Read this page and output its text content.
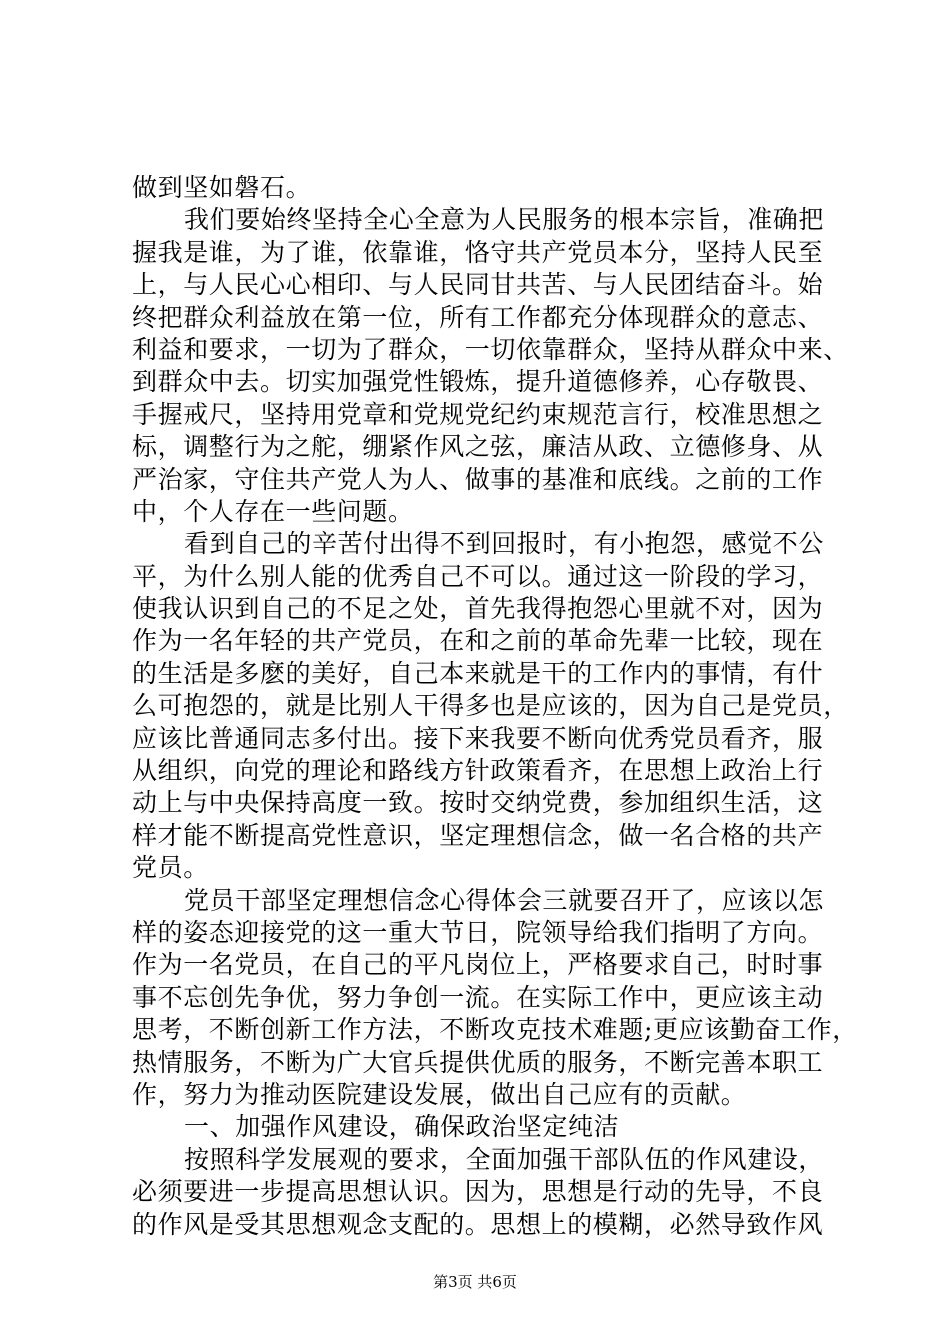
做到坚如磐石。
我们要始终坚持全心全意为人民服务的根本宗旨，准确把
握我是谁，为了谁，依靠谁，恪守共产党员本分，坚持人民至
上，与人民心心相印、与人民同甘共苦、与人民团结奋斗。始
终把群众利益放在第一位，所有工作都充分体现群众的意志、
利益和要求，一切为了群众，一切依靠群众，坚持从群众中来、
到群众中去。切实加强党性锻炼，提升道德修养，心存敬畏、
手握戒尺，坚持用党章和党规党纪约束规范言行，校准思想之
标，调整行为之舵，绷紧作风之弦，廉洁从政、立德修身、从
严治家，守住共产党人为人、做事的基准和底线。之前的工作
中，个人存在一些问题。
看到自己的辛苦付出得不到回报时，有小抱怨，感觉不公
平，为什么别人能的优秀自己不可以。通过这一阶段的学习，
使我认识到自己的不足之处，首先我得抱怨心里就不对，因为
作为一名年轻的共产党员，在和之前的革命先辈一比较，现在
的生活是多麽的美好，自己本来就是干的工作内的事情，有什
么可抱怨的，就是比别人干得多也是应该的，因为自己是党员，
应该比普通同志多付出。接下来我要不断向优秀党员看齐，服
从组织，向党的理论和路线方针政策看齐，在思想上政治上行
动上与中央保持高度一致。按时交纳党费，参加组织生活，这
样才能不断提高党性意识，坚定理想信念，做一名合格的共产
党员。
党员干部坚定理想信念心得体会三就要召开了，应该以怎
样的姿态迎接党的这一重大节日，院领导给我们指明了方向。
作为一名党员，在自己的平凡岗位上，严格要求自己，时时事
事不忘创先争优，努力争创一流。在实际工作中，更应该主动
思考，不断创新工作方法，不断攻克技术难题;更应该勤奋工作，
热情服务，不断为广大官兵提供优质的服务，不断完善本职工
作，努力为推动医院建设发展，做出自己应有的贡献。
一、加强作风建设，确保政治坚定纯洁
按照科学发展观的要求，全面加强干部队伍的作风建设，
必须要进一步提高思想认识。因为，思想是行动的先导，不良
的作风是受其思想观念支配的。思想上的模糊，必然导致作风
第3页 共6页
